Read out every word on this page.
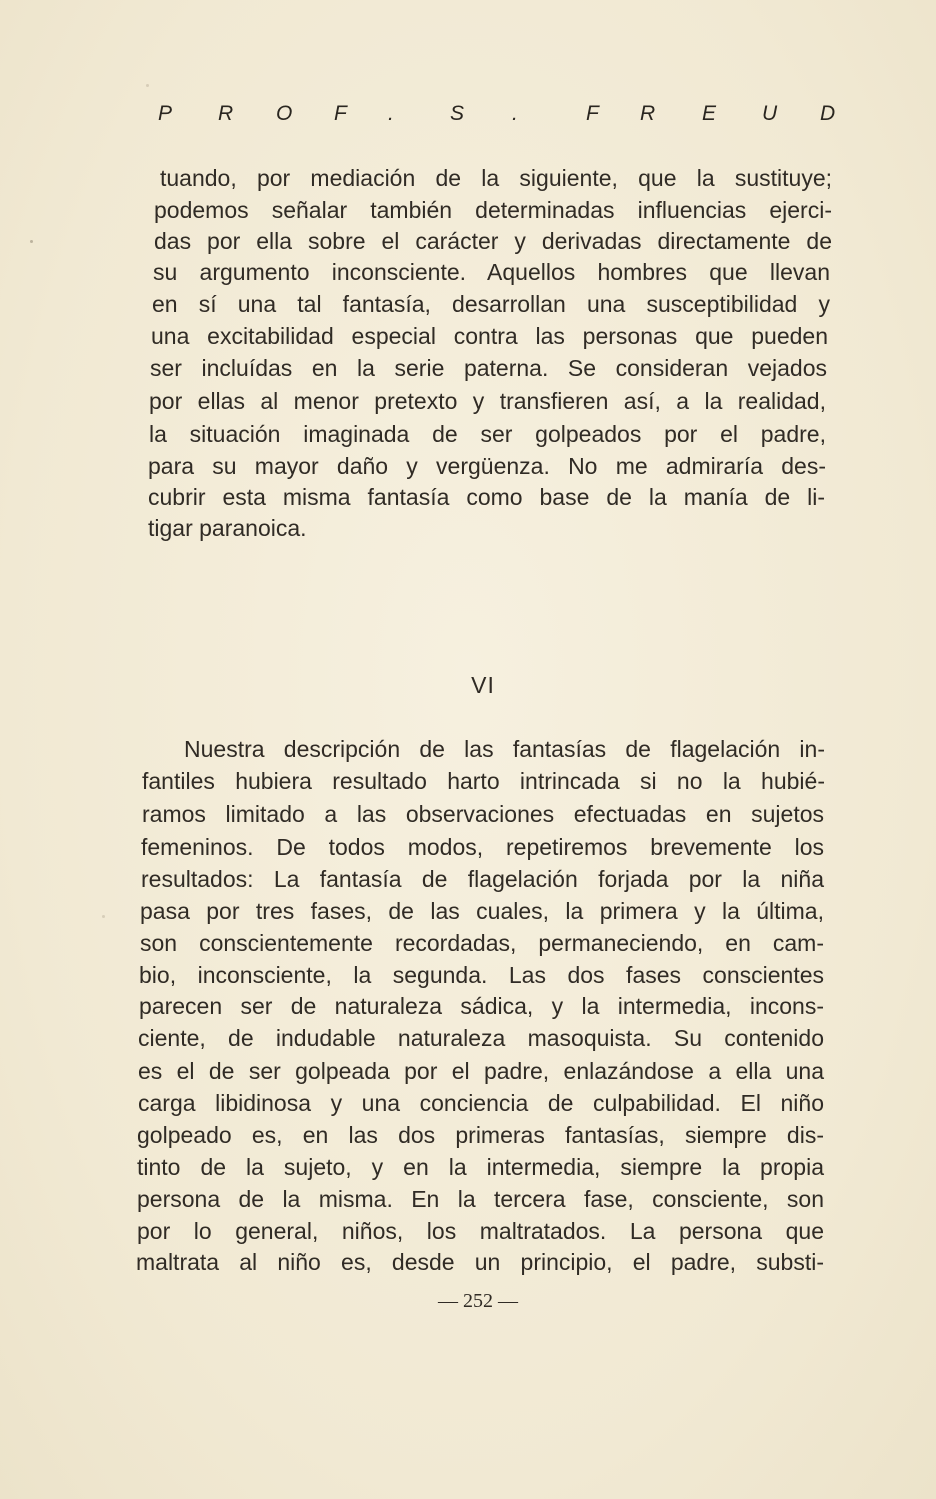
P R O F .	S .	F R E U D
tuando, por mediación de la siguiente, que la sustituye;
podemos señalar también determinadas influencias ejerci-
das por ella sobre el carácter y derivadas directamente de
su argumento inconsciente. Aquellos hombres que llevan
en sí una tal fantasía, desarrollan una susceptibilidad y
una excitabilidad especial contra las personas que pueden
ser incluídas en la serie paterna. Se consideran vejados
por ellas al menor pretexto y transfieren así, a la realidad,
la situación imaginada de ser golpeados por el padre,
para su mayor daño y vergüenza. No me admiraría des-
cubrir esta misma fantasía como base de la manía de li-
tigar paranoica.
VI
Nuestra descripción de las fantasías de flagelación in-
fantiles hubiera resultado harto intrincada si no la hubié-
ramos limitado a las observaciones efectuadas en sujetos
femeninos. De todos modos, repetiremos brevemente los
resultados: La fantasía de flagelación forjada por la niña
pasa por tres fases, de las cuales, la primera y la última,
son conscientemente recordadas, permaneciendo, en cam-
bio, inconsciente, la segunda. Las dos fases conscientes
parecen ser de naturaleza sádica, y la intermedia, incons-
ciente, de indudable naturaleza masoquista. Su contenido
es el de ser golpeada por el padre, enlazándose a ella una
carga libidinosa y una conciencia de culpabilidad. El niño
golpeado es, en las dos primeras fantasías, siempre dis-
tinto de la sujeto, y en la intermedia, siempre la propia
persona de la misma. En la tercera fase, consciente, son
por lo general, niños, los maltratados. La persona que
maltrata al niño es, desde un principio, el padre, substi-
— 252 —
